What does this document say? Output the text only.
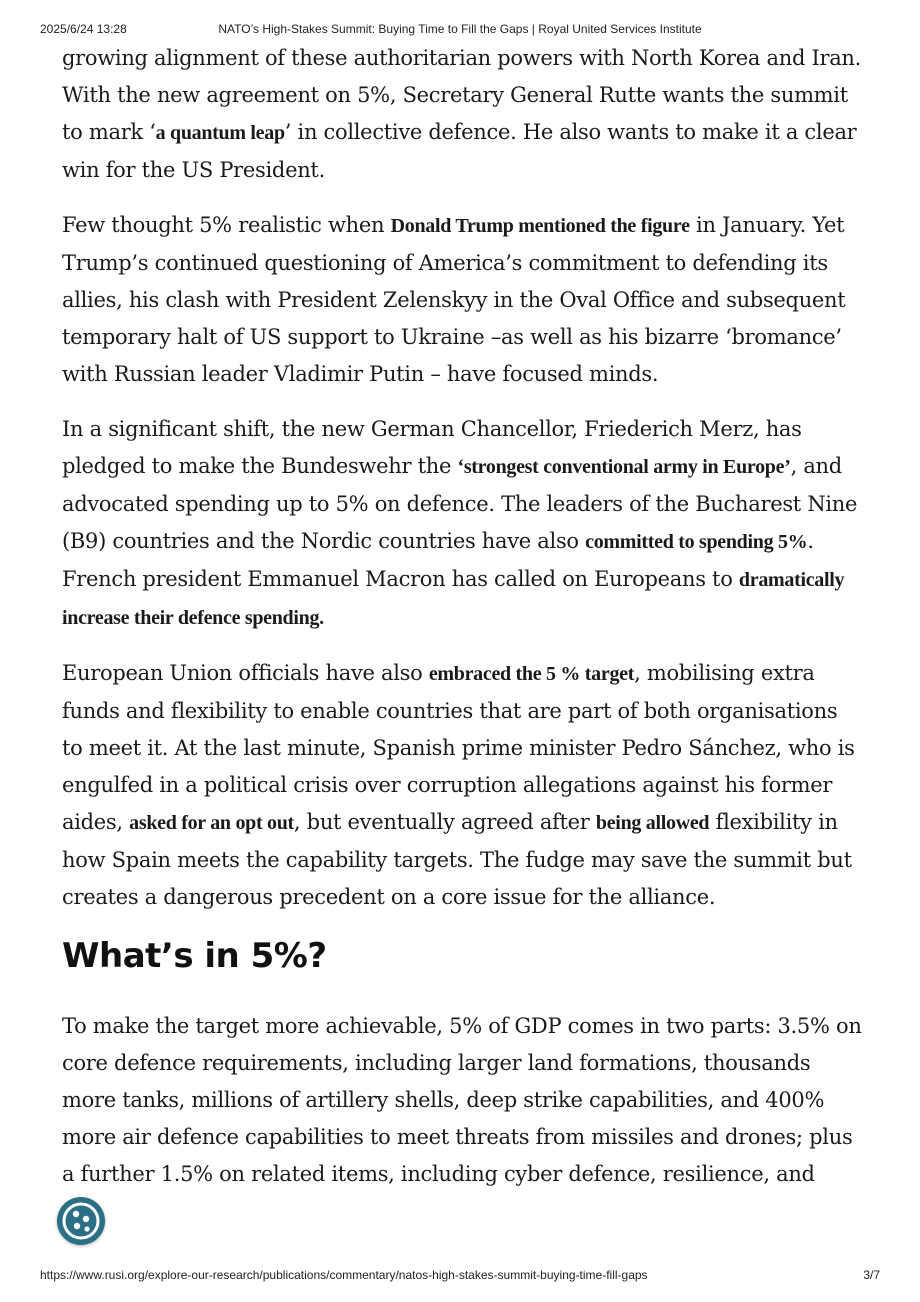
2025/6/24 13:28	NATO’s High-Stakes Summit: Buying Time to Fill the Gaps | Royal United Services Institute

growing alignment of these authoritarian powers with North Korea and Iran. With the new agreement on 5%, Secretary General Rutte wants the summit to mark ‘a quantum leap’ in collective defence. He also wants to make it a clear win for the US President.

Few thought 5% realistic when Donald Trump mentioned the figure in January. Yet Trump’s continued questioning of America’s commitment to defending its allies, his clash with President Zelenskyy in the Oval Office and subsequent temporary halt of US support to Ukraine –as well as his bizarre ‘bromance’ with Russian leader Vladimir Putin – have focused minds.

In a significant shift, the new German Chancellor, Friederich Merz, has pledged to make the Bundeswehr the ‘strongest conventional army in Europe’, and advocated spending up to 5% on defence. The leaders of the Bucharest Nine (B9) countries and the Nordic countries have also committed to spending 5%. French president Emmanuel Macron has called on Europeans to dramatically increase their defence spending.

European Union officials have also embraced the 5 % target, mobilising extra funds and flexibility to enable countries that are part of both organisations to meet it. At the last minute, Spanish prime minister Pedro Sánchez, who is engulfed in a political crisis over corruption allegations against his former aides, asked for an opt out, but eventually agreed after being allowed flexibility in how Spain meets the capability targets. The fudge may save the summit but creates a dangerous precedent on a core issue for the alliance.

What’s in 5%?

To make the target more achievable, 5% of GDP comes in two parts: 3.5% on core defence requirements, including larger land formations, thousands more tanks, millions of artillery shells, deep strike capabilities, and 400% more air defence capabilities to meet threats from missiles and drones; plus a further 1.5% on related items, including cyber defence, resilience, and

https://www.rusi.org/explore-our-research/publications/commentary/natos-high-stakes-summit-buying-time-fill-gaps	3/7
